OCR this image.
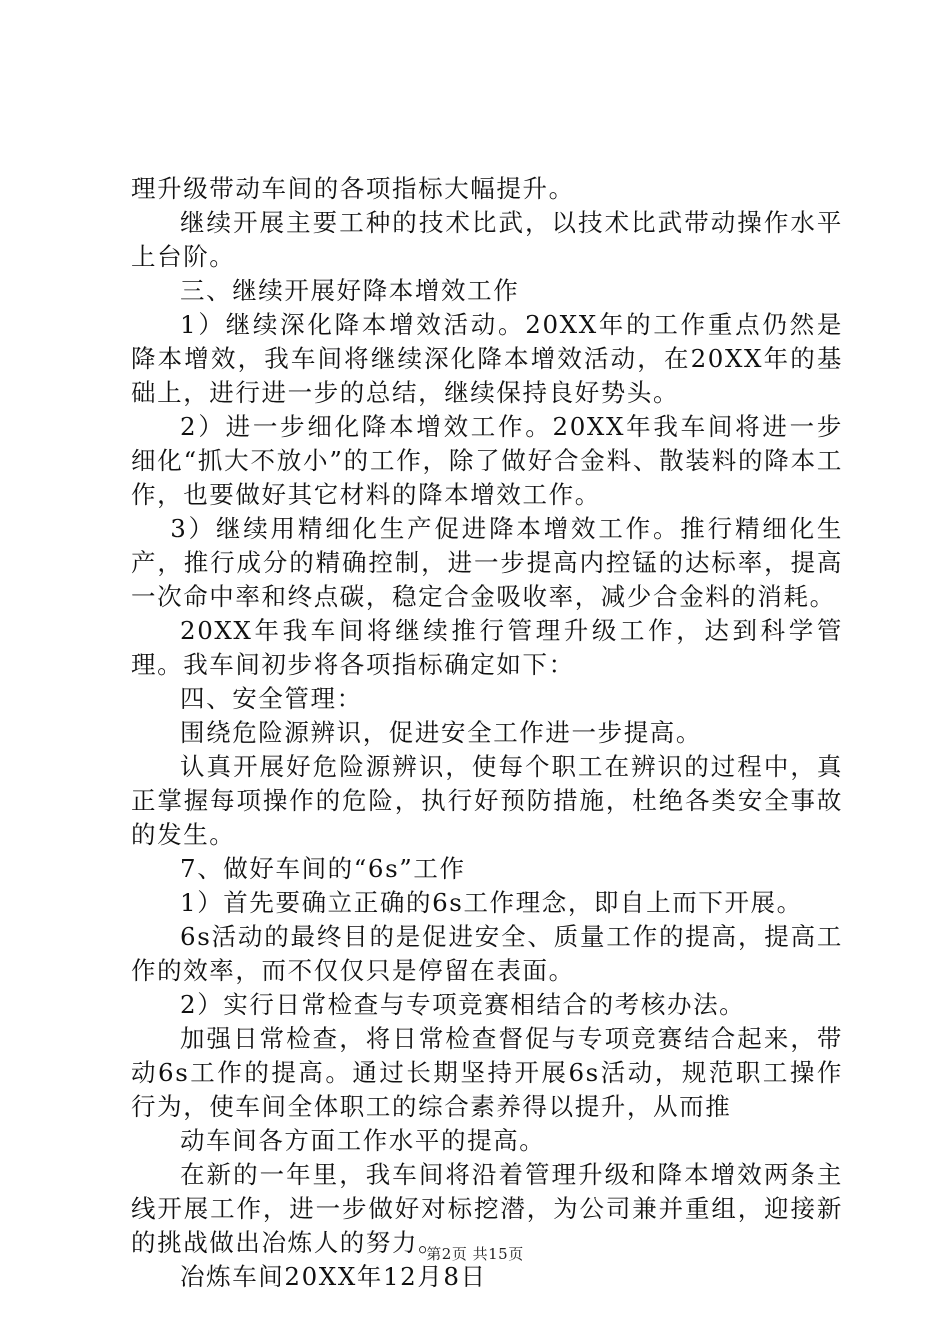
理升级带动车间的各项指标大幅提升。

继续开展主要工种的技术比武，以技术比武带动操作水平上台阶。

三、继续开展好降本增效工作

1）继续深化降本增效活动。20XX年的工作重点仍然是降本增效，我车间将继续深化降本增效活动，在20XX年的基础上，进行进一步的总结，继续保持良好势头。

2）进一步细化降本增效工作。20XX年我车间将进一步细化“抓大不放小”的工作，除了做好合金料、散装料的降本工作，也要做好其它材料的降本增效工作。

3）继续用精细化生产促进降本增效工作。推行精细化生产，推行成分的精确控制，进一步提高内控锰的达标率，提高一次命中率和终点碳，稳定合金吸收率，减少合金料的消耗。

20XX年我车间将继续推行管理升级工作，达到科学管理。我车间初步将各项指标确定如下：

四、安全管理：

围绕危险源辨识，促进安全工作进一步提高。

认真开展好危险源辨识，使每个职工在辨识的过程中，真正掌握每项操作的危险，执行好预防措施，杜绝各类安全事故的发生。

7、做好车间的“6s”工作

1）首先要确立正确的6s工作理念，即自上而下开展。

6s活动的最终目的是促进安全、质量工作的提高，提高工作的效率，而不仅仅只是停留在表面。

2）实行日常检查与专项竞赛相结合的考核办法。

加强日常检查，将日常检查督促与专项竞赛结合起来，带动6s工作的提高。通过长期坚持开展6s活动，规范职工操作行为，使车间全体职工的综合素养得以提升，从而推

动车间各方面工作水平的提高。

在新的一年里，我车间将沿着管理升级和降本增效两条主线开展工作，进一步做好对标挖潜，为公司兼并重组，迎接新的挑战做出冶炼人的努力。

冶炼车间20XX年12月8日

第2页 共15页
